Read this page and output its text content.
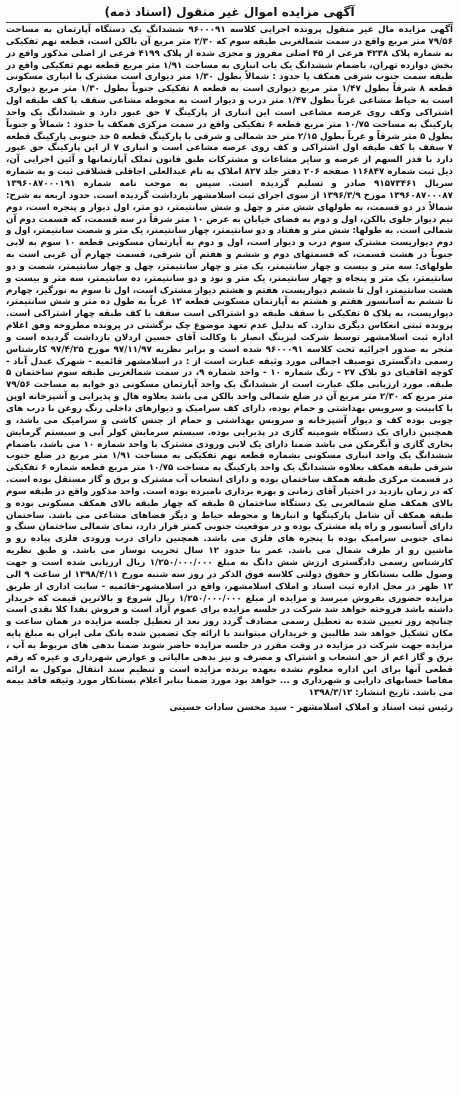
آگهی مزایده اموال غیر منقول (اسناد ذمه)
آگهی مزایده مال غیر منقول پرونده اجرایی کلاسه ۹۶۰۰۰۹۱ ششدانگ یک دستگاه آپارتمان به مساحت ۷۹/۵۶ متر مربع واقع در سمت شمالغربی طبقه سوم که ۲/۳۰ متر مربع آن بالکن است، قطعه نهم تفکیکی به شماره پلاک ۴۲۳۸ فرعی از ۴۵ اصلی مفروز و مجزی شده از پلاک ۴۱۹۹ فرعی از اصلی مذکور واقع در بخش دوازده تهران، باضمام ششدانگ یک باب انباری به مساحت ۱/۹۱ متر مربع قطعه نهم تفکیکی واقع در طبقه سمت جنوب شرقی همکف با حدود : شمالاً بطول ۱/۳۰ متر دیواری است مشترک با انباری مسکونی قطعه ۸ شرقاً بطول ۱/۴۷ متر مربع دیواری است به قطعه ۸ تفکیکی جنوباً بطول ۱/۳۰ متر مربع دیواری است به حیاط مشاعی غرباً بطول ۱/۴۷ متر درب و دیوار است به محوطه مشاعی سقف با کف طبقه اول اشتراکی وکف روی عرصه مشاعی است این انباری از پارکینگ ۷ حق عبور دارد و ششدانگ یک واحد پارکینگ به مساحت ۱۰/۷۵ متر مربع قطعه ۶ تفکیکی واقع در سمت مرکزی همکف با حدود : شمالاً و جنوباً بطول ۵ متر شرقاً و غرباً بطول ۲/۱۵ متر حد شمالی و شرقی با پارکینگ قطعه ۵ حد جنوبی پارکینگ قطعه ۷ سقف با کف طبقه اول اشتراکی و کف روی عرصه مشاعی است و انباری ۷ از این پارکینگ حق عبور دارد با قدر السهم از عرصه و سایر مشاعات و مشترکات طبق قانون تملک آپارتمانها و آئین اجرایی آن، ذیل ثبت شماره ۱۱۶۸۴۷ صفحه ۲۰۶ دفتر جلد ۸۲۷ املاک به نام عبدالعلی اجاقلی قشلاقی ثبت و به شماره سریال ۹۱۵۷۳۴۶۱ صادر و تسلیم گردیده است. سپس به موجب نامه شماره ۱۳۹۶۰۸۷۰۰۰۱۹۱ ۱۳۹۶۰۸۷۰۰۰۸۷ مورخ ۱۳۹۶/۳/۹ از سوی اجرای ثبت اسلامشهر بازداشت گردیده است. حدود اربعه به شرح: شمالاً در دو قسمت، به طولهای شش متر و چهل و شش سانتیمتر، دو متر، اول دیوار و پنجره است، دوم نیم دیوار جلوی بالکن، اول و دوم به فضای خیابان به عرض ۱۰ متر شرقاً در سه قسمت، که قسمت دوم آن شمالی است. به طولها: شش متر و هفتاد و دو سانتیمتر، چهار سانتیمتر، یک متر و شصت سانتیمتر، اول و دوم دیواریست مشترک سوم درب و دیوار است، اول و دوم به آپارتمان مسکونی قطعه ۱۰ سوم به لابی جنوباً در هشت قسمت، که قسمتهای دوم و ششم و هفتم آن شرقی، قسمت چهارم آن غربی است به طولهای: سه متر و بیست و چهار سانتیمتر، یک متر و چهار سانتیمتر، چهل و چهار سانتیمتر، شصت و دو سانتیمتر، یک متر و پنجاه و چهار سانتیمتر، یک متر و نود و دو سانتیمتر، ده سانتیمتر، سه متر و بیست و هشت سانتیمتر، اول تا ششم دیواریست، هفتم و هشتم دیوار مشترک است، اول تا سوم به نورگیر، چهارم تا ششم به آسانسور هفتم و هشتم به آپارتمان مسکونی قطعه ۱۲ غرباً به طول ده متر و شش سانتیمتر، دیواریست، به پلاک ۵ تفکیکی با سقف طبقه دو اشتراکی است سقف با کف طبقه چهار اشتراکی است. پرونده ثبتی انعکاس دیگری ندارد. که بدلیل عدم تعهد موضوع چک برگشتی در پرونده مطروحه وفق اعلام اداره ثبت اسلامشهر توسط شرکت لیزینگ انصار با وکالت آقای حسین اردلان بازداشت گردیده است و متجر به صدور اجرائیه تحت کلاسه ۹۶۰۰۰۹۱ شده است و برابر نظریه ۹۷/۱۱/۹۷ مورخ ۹۷/۴/۲۵ کارشناس رسمی دادگستری توصیف اجمالی مورد وثیقه عبارت است از : در اسلامشهر قائمیه - شهرک عبدل آباد - کوچه اقاقیای دو بلاک ۲۷ - زنگ شماره ۱۰ - واحد شماره ۹، در سمت شمالغربی طبقه سوم ساختمان ۵ طبقه. مورد ارزیابی ملک عبارت است از ششدانگ یک واحد آپارتمان مسکونی دو خوابه به مساحت ۷۹/۵۶ متر مربع که ۲/۳۰ متر مربع آن در ضلع شمالی واحد بالکن می باشد بعلاوه هال و پذیرایی و آشپزخانه اوپن با کابینت و سرویس بهداشتی و حمام بوده، دارای کف سرامیک و دیوارهای داخلی رنگ روغن با درب های چوبی بوده کف و دیوار آشپزخانه و سرویس بهداشتی و حمام از جنس کاشی و سرامیک می باشد، و همچنین دارای یک دستگاه شومینه گازی در پذیرایی بوده. سیستم سرمایش کولر آبی و سیستم گرمایش بخاری گازی و آبگرمکن می باشد ضمنا دارای یک لابی ورودی مشترک با واحد شماره ۱۰ می باشد، باضمام ششدانگ یک واحد انباری مسکونی بشماره قطعه نهم تفکیکی به مساحت ۱/۹۱ متر مربع در ضلع جنوب شرقی طبقه همکف بعلاوه ششدانگ یک واحد پارکینگ به مساحت ۱۰/۷۵ متر مربع قطعه شماره ۶ تفکیکی در قسمت مرکزی طبقه همکف ساختمان بوده و دارای انشعاب آب مشترک و برق و گاز مستقل بوده است. که در زمان بازدید در اختیار آقای زمانی و بهره برداری نامبرده بوده است. واحد مذکور واقع در طبقه سوم بالای همکف ضلع شمالغربی یک دستگاه ساختمان ۵ طبقه که چهار طبقه بالای همکف مسکونی بوده و طبقه همکف آن شامل پارکینگها و انبارها و محوطه حیاط و دیگر فضاهای مشاعی می باشد. ساختمان دارای آسانسور و راه پله مشترک بوده و در موقعیت جنوبی کمتر قرار دارد، نمای شمالی ساختمان سنگ و نمای جنوبی سرامیک بوده با پنجره های فلزی می باشد. همچنین دارای درب ورودی فلزی پیاده رو و ماشین رو از طرف شمال می باشد. عمر بنا حدود ۱۲ سال تخریب نوساز می باشد. و طبق نظریه کارشناس رسمی دادگستری ارزش شش دانگ به مبلغ ۱/۲۵۰/۰۰۰/۰۰۰ ریال ارزیابی شده است و جهت وصول طلب بستانکار و حقوق دولتی کلاسه فوق الذکر در روز سه شنبه مورخ ۱۳۹۸/۴/۱۱ از ساعت ۹ الی ۱۲ ظهر در محل اداره ثبت اسناد و املاک اسلامشهر، واقع در اسلامشهر-قائمیه - سایت اداری از طریق مزایده حضوری بفروش میرسد و مزایده از مبلغ ۱/۲۵۰/۰۰۰/۰۰۰ ریال شروع و بالاترین قیمت که خریدار داشته باشد فروخته خواهد شد شرکت در جلسه مزایده برای عموم آزاد است و فروش نقدا کلا نقدی است چنانچه روز تعیین شده به تعطیل رسمی مصادف گردد روز بعد از تعطیل جلسه مزایده در همان ساعت و مکان تشکیل خواهد شد طالبین و خریداران میتوانند با ارائه چک تضمین شده بانک ملی ایران به مبلغ پایه مزایده جهت شرکت در مزایده در وقت مقرر در جلسه مزایده حاضر شوند ضمنا بدهی های مربوط به آب ، برق و گاز اعم از حق انشعاب و اشتراک و مصرف و نیز بدهی مالیاتی و عوارض شهرداری و غیره که رقم قطعی آنها برای این اداره معلوم نشده بعهده برنده مزایده است و تنظیم سند انتقال موکول به ارائه مفاصا حسابهای دارایی و شهرداری و ... خواهد بود مورد ضمنا بنابر اعلام بستانکار مورد وثیقه فاقد بیمه می باشد. تاریخ انتشار: ۱۳۹۸/۳/۱۲
رئیس ثبت اسناد و املاک اسلامشهر - سید محسن سادات حسینی
